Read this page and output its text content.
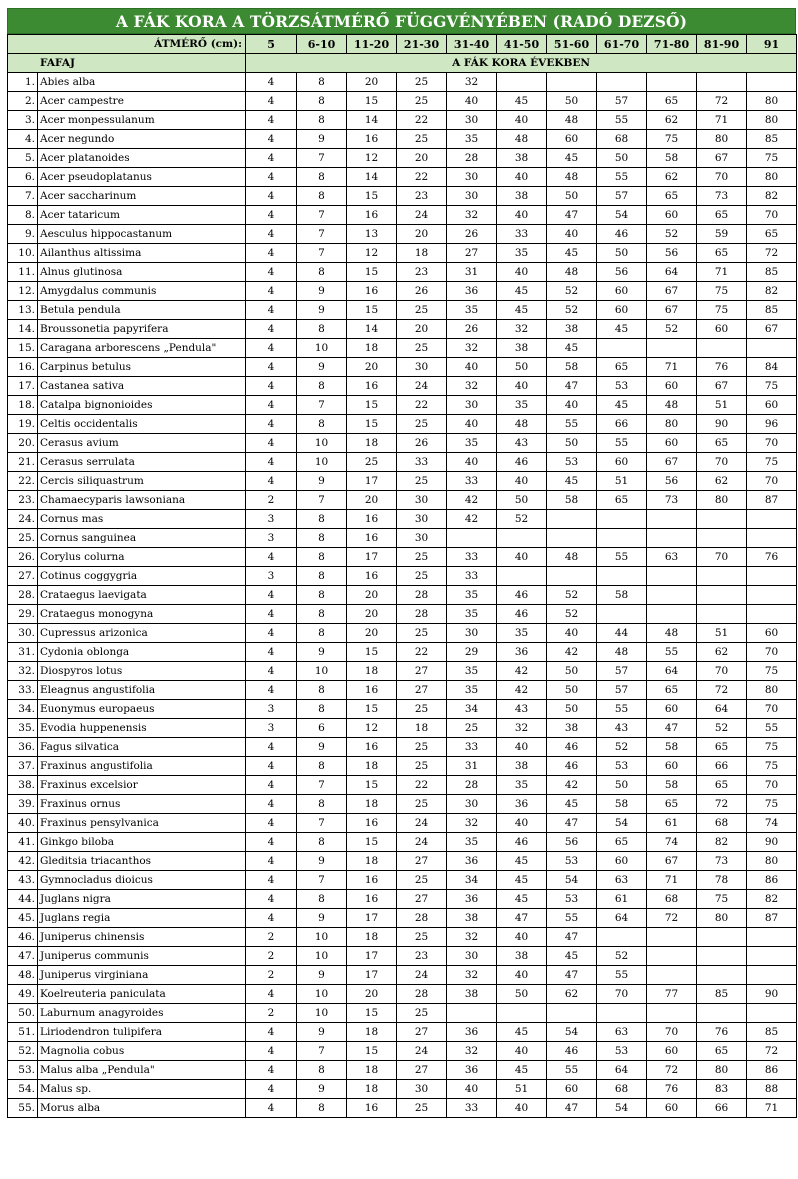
A FÁK KORA A TÖRZSÁTMÉRŐ FÜGGVÉNYÉBEN (RADÓ DEZSŐ)
ÁTMÉRŐ (cm):		5	6-10	11-20	21-30	31-40	41-50	51-60	61-70	71-80	81-90	91
FAFAJ		A FÁK KORA ÉVEKBEN										
1.	Abies alba	4	8	20	25	32						
2.	Acer campestre	4	8	15	25	40	45	50	57	65	72	80
3.	Acer monpessulanum	4	8	14	22	30	40	48	55	62	71	80
4.	Acer negundo	4	9	16	25	35	48	60	68	75	80	85
5.	Acer platanoides	4	7	12	20	28	38	45	50	58	67	75
6.	Acer pseudoplatanus	4	8	14	22	30	40	48	55	62	70	80
7.	Acer saccharinum	4	8	15	23	30	38	50	57	65	73	82
8.	Acer tataricum	4	7	16	24	32	40	47	54	60	65	70
9.	Aesculus hippocastanum	4	7	13	20	26	33	40	46	52	59	65
10.	Ailanthus altissima	4	7	12	18	27	35	45	50	56	65	72
11.	Alnus glutinosa	4	8	15	23	31	40	48	56	64	71	85
12.	Amygdalus communis	4	9	16	26	36	45	52	60	67	75	82
13.	Betula pendula	4	9	15	25	35	45	52	60	67	75	85
14.	Broussonetia papyrifera	4	8	14	20	26	32	38	45	52	60	67
15.	Caragana arborescens „Pendula"	4	10	18	25	32	38	45				
16.	Carpinus betulus	4	9	20	30	40	50	58	65	71	76	84
17.	Castanea sativa	4	8	16	24	32	40	47	53	60	67	75
18.	Catalpa bignonioides	4	7	15	22	30	35	40	45	48	51	60
19.	Celtis occidentalis	4	8	15	25	40	48	55	66	80	90	96
20.	Cerasus avium	4	10	18	26	35	43	50	55	60	65	70
21.	Cerasus serrulata	4	10	25	33	40	46	53	60	67	70	75
22.	Cercis siliquastrum	4	9	17	25	33	40	45	51	56	62	70
23.	Chamaecyparis lawsoniana	2	7	20	30	42	50	58	65	73	80	87
24.	Cornus mas	3	8	16	30	42	52					
25.	Cornus sanguinea	3	8	16	30							
26.	Corylus colurna	4	8	17	25	33	40	48	55	63	70	76
27.	Cotinus coggygria	3	8	16	25	33						
28.	Crataegus laevigata	4	8	20	28	35	46	52	58			
29.	Crataegus monogyna	4	8	20	28	35	46	52				
30.	Cupressus arizonica	4	8	20	25	30	35	40	44	48	51	60
31.	Cydonia oblonga	4	9	15	22	29	36	42	48	55	62	70
32.	Diospyros lotus	4	10	18	27	35	42	50	57	64	70	75
33.	Eleagnus angustifolia	4	8	16	27	35	42	50	57	65	72	80
34.	Euonymus europaeus	3	8	15	25	34	43	50	55	60	64	70
35.	Evodia huppenensis	3	6	12	18	25	32	38	43	47	52	55
36.	Fagus silvatica	4	9	16	25	33	40	46	52	58	65	75
37.	Fraxinus angustifolia	4	8	18	25	31	38	46	53	60	66	75
38.	Fraxinus excelsior	4	7	15	22	28	35	42	50	58	65	70
39.	Fraxinus ornus	4	8	18	25	30	36	45	58	65	72	75
40.	Fraxinus pensylvanica	4	7	16	24	32	40	47	54	61	68	74
41.	Ginkgo biloba	4	8	15	24	35	46	56	65	74	82	90
42.	Gleditsia triacanthos	4	9	18	27	36	45	53	60	67	73	80
43.	Gymnocladus dioicus	4	7	16	25	34	45	54	63	71	78	86
44.	Juglans nigra	4	8	16	27	36	45	53	61	68	75	82
45.	Juglans regia	4	9	17	28	38	47	55	64	72	80	87
46.	Juniperus chinensis	2	10	18	25	32	40	47				
47.	Juniperus communis	2	10	17	23	30	38	45	52			
48.	Juniperus virginiana	2	9	17	24	32	40	47	55			
49.	Koelreuteria paniculata	4	10	20	28	38	50	62	70	77	85	90
50.	Laburnum anagyroides	2	10	15	25							
51.	Liriodendron tulipifera	4	9	18	27	36	45	54	63	70	76	85
52.	Magnolia cobus	4	7	15	24	32	40	46	53	60	65	72
53.	Malus alba „Pendula"	4	8	18	27	36	45	55	64	72	80	86
54.	Malus sp.	4	9	18	30	40	51	60	68	76	83	88
55.	Morus alba	4	8	16	25	33	40	47	54	60	66	71
